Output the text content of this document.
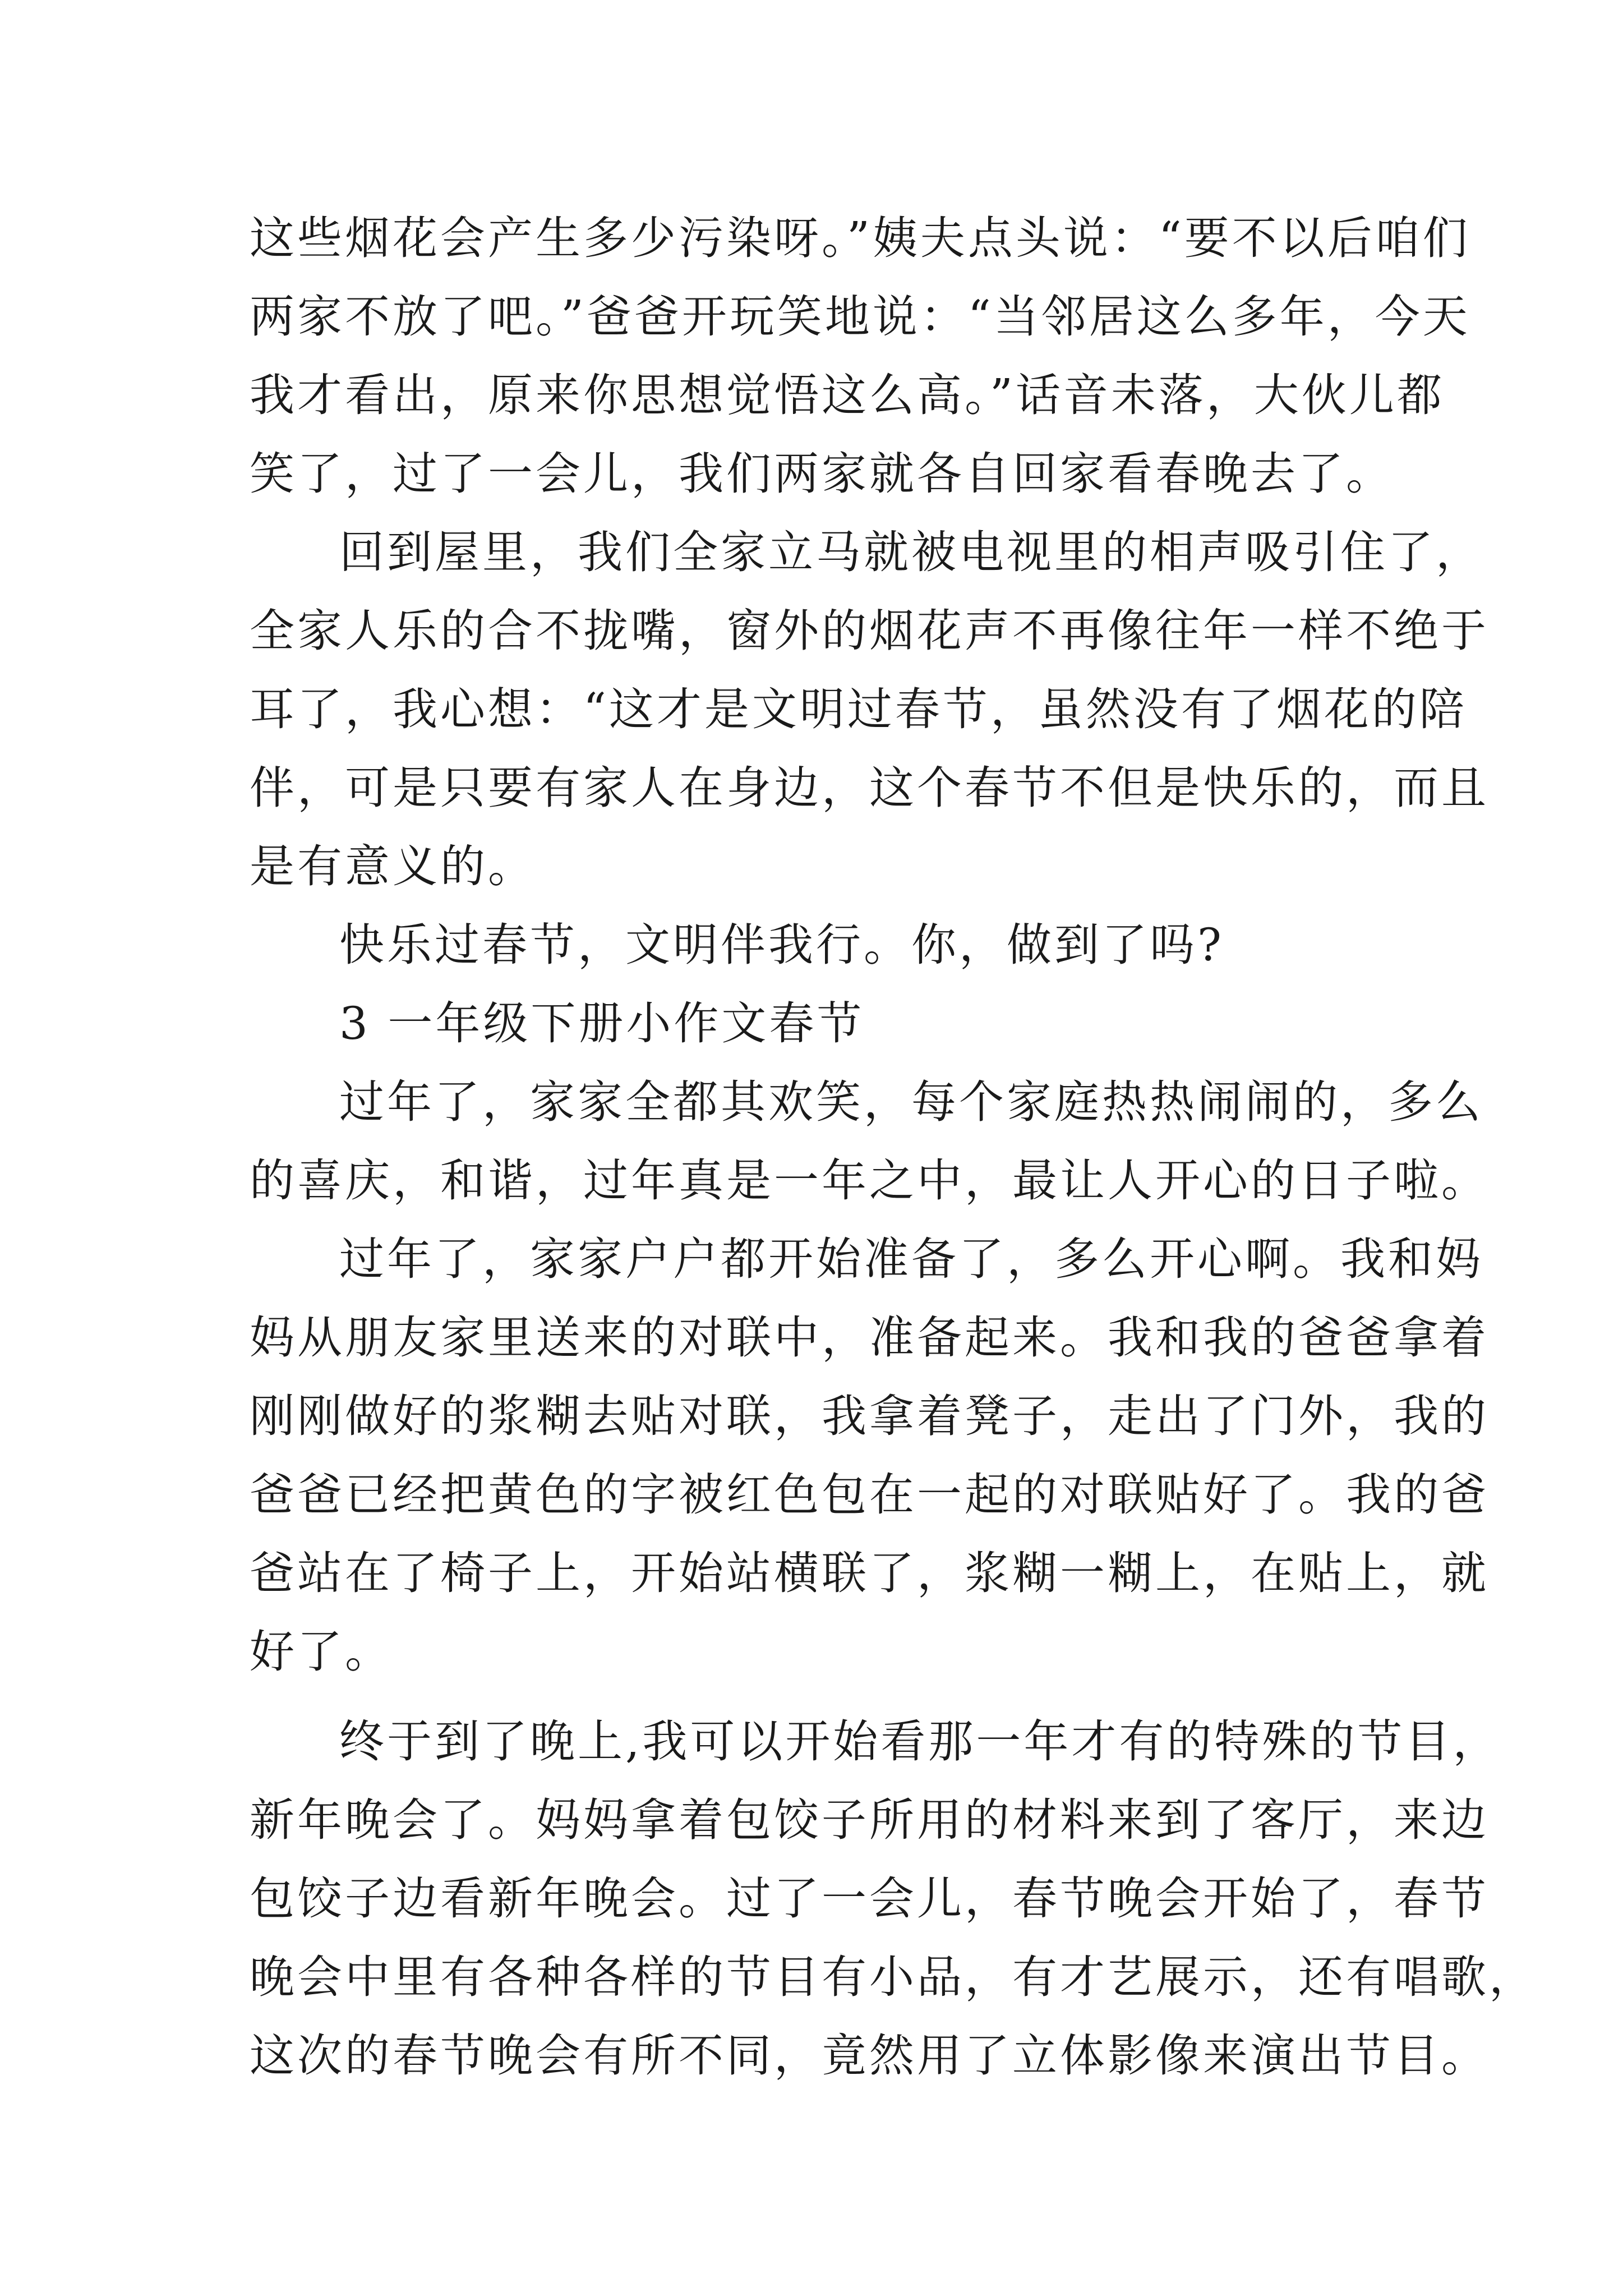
这些烟花会产生多少污染呀。”姨夫点头说：“要不以后咱们
两家不放了吧。”爸爸开玩笑地说：“当邻居这么多年，今天
我才看出，原来你思想觉悟这么高。”话音未落，大伙儿都
笑了，过了一会儿，我们两家就各自回家看春晚去了。
回到屋里，我们全家立马就被电视里的相声吸引住了，
全家人乐的合不拢嘴，窗外的烟花声不再像往年一样不绝于
耳了，我心想：“这才是文明过春节，虽然没有了烟花的陪
伴，可是只要有家人在身边，这个春节不但是快乐的，而且
是有意义的。
快乐过春节，文明伴我行。你，做到了吗?
3 一年级下册小作文春节
过年了，家家全都其欢笑，每个家庭热热闹闹的，多么
的喜庆，和谐，过年真是一年之中，最让人开心的日子啦。
过年了，家家户户都开始准备了，多么开心啊。我和妈
妈从朋友家里送来的对联中，准备起来。我和我的爸爸拿着
刚刚做好的浆糊去贴对联，我拿着凳子，走出了门外，我的
爸爸已经把黄色的字被红色包在一起的对联贴好了。我的爸
爸站在了椅子上，开始站横联了，浆糊一糊上，在贴上，就
好了。
终于到了晚上,我可以开始看那一年才有的特殊的节目，
新年晚会了。妈妈拿着包饺子所用的材料来到了客厅，来边
包饺子边看新年晚会。过了一会儿，春节晚会开始了，春节
晚会中里有各种各样的节目有小品，有才艺展示，还有唱歌，
这次的春节晚会有所不同，竟然用了立体影像来演出节目。
